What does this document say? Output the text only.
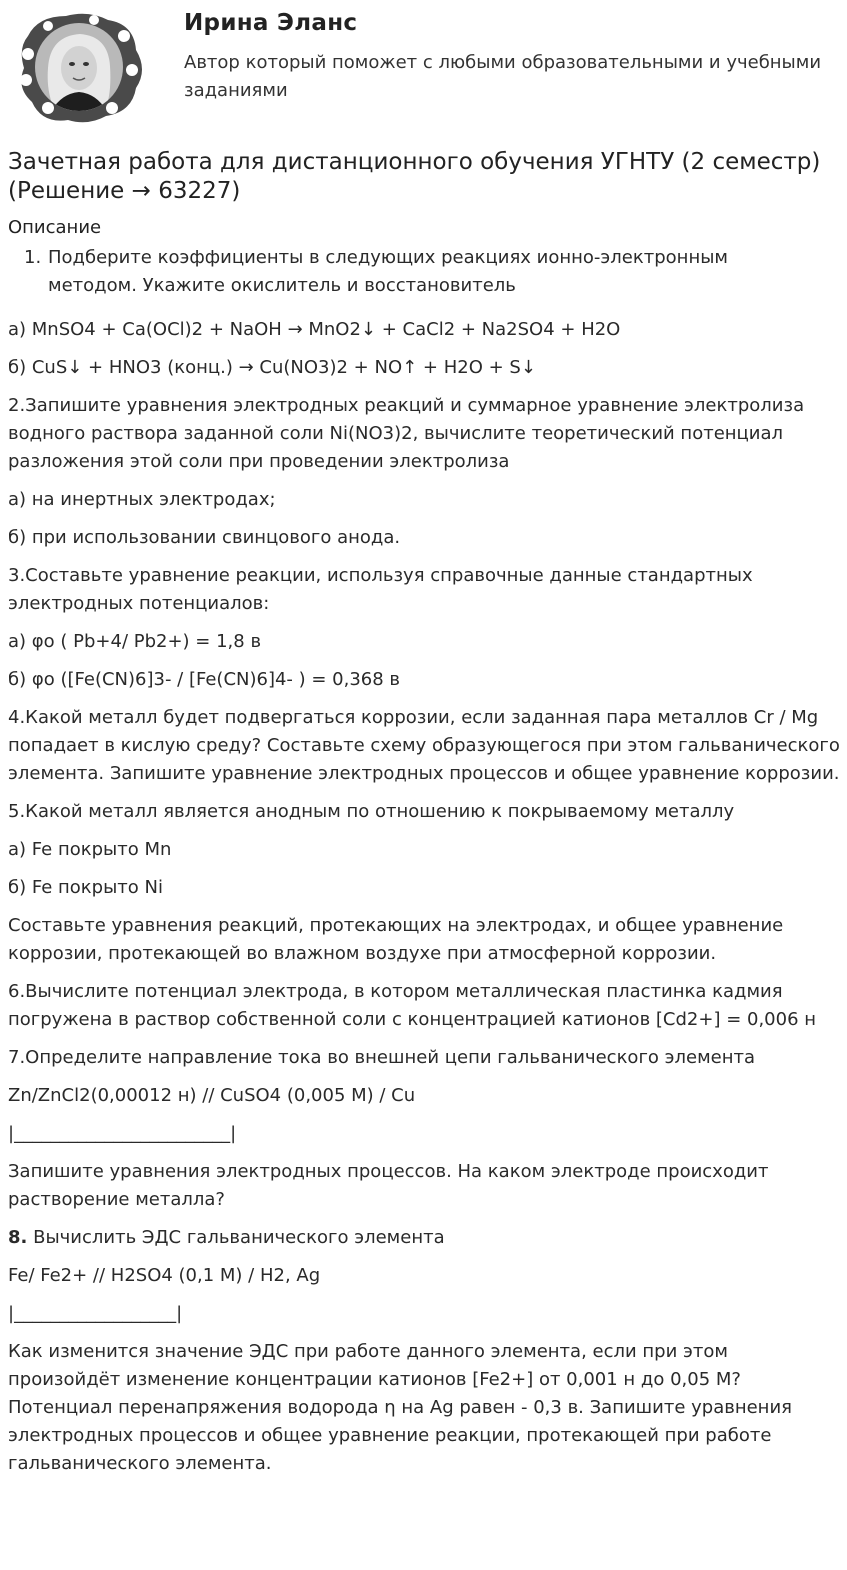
Ирина Эланс
Автор который поможет с любыми образовательными и учебными заданиями
Зачетная работа для дистанционного обучения УГНТУ (2 семестр) (Решение → 63227)
Описание
1. Подберите коэффициенты в следующих реакциях ионно-электронным методом. Укажите окислитель и восстановитель

а) MnSO4 + Ca(OCl)2 + NaOH → MnO2↓ + CaCl2 + Na2SO4 + H2O

б) CuS↓ + HNO3 (конц.) → Cu(NO3)2 + NO↑ + H2O + S↓

2.Запишите уравнения электродных реакций и суммарное уравнение электролиза водного раствора заданной соли Ni(NO3)2, вычислите теоретический потенциал разложения этой соли при проведении электролиза

а) на инертных электродах;

б) при использовании свинцового анода.

3.Составьте уравнение реакции, используя справочные данные стандартных электродных потенциалов:

а) φо ( Pb+4/ Pb2+) = 1,8 в

б) φо ([Fe(CN)6]3- / [Fe(CN)6]4- ) = 0,368 в

4.Какой металл будет подвергаться коррозии, если заданная пара металлов Cr / Mg попадает в кислую среду? Составьте схему образующегося при этом гальванического элемента. Запишите уравнение электродных процессов и общее уравнение коррозии.

5.Какой металл является анодным по отношению к покрываемому металлу

а) Fe покрыто Mn

б) Fe покрыто Ni

Составьте уравнения реакций, протекающих на электродах, и общее уравнение коррозии, протекающей во влажном воздухе при атмосферной коррозии.

6.Вычислите потенциал электрода, в котором металлическая пластинка кадмия погружена в раствор собственной соли с концентрацией катионов [Cd2+] = 0,006 н

7.Определите направление тока во внешней цепи гальванического элемента

Zn/ZnCl2(0,00012 н) // CuSO4 (0,005 M) / Cu

|________________________|

Запишите уравнения электродных процессов. На каком электроде происходит растворение металла?

8. Вычислить ЭДС гальванического элемента

Fe/ Fe2+ // H2SO4 (0,1 M) / H2, Ag

|__________________|

Как изменится значение ЭДС при работе данного элемента, если при этом произойдёт изменение концентрации катионов [Fe2+] от 0,001 н до 0,05 М? Потенциал перенапряжения водорода η на Ag равен - 0,3 в. Запишите уравнения электродных процессов и общее уравнение реакции, протекающей при работе гальванического элемента.
